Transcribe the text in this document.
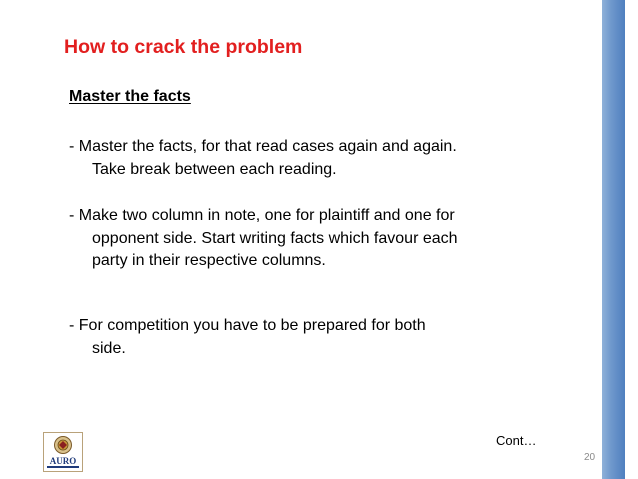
How to crack the problem
Master the facts
- Master the facts, for that read cases again and again.
Take break between each reading.
- Make two column in note, one for plaintiff and one for
opponent side. Start writing facts which favour each
party in their respective columns.
- For competition you have to be prepared for both
side.
Cont…
20
AURO
